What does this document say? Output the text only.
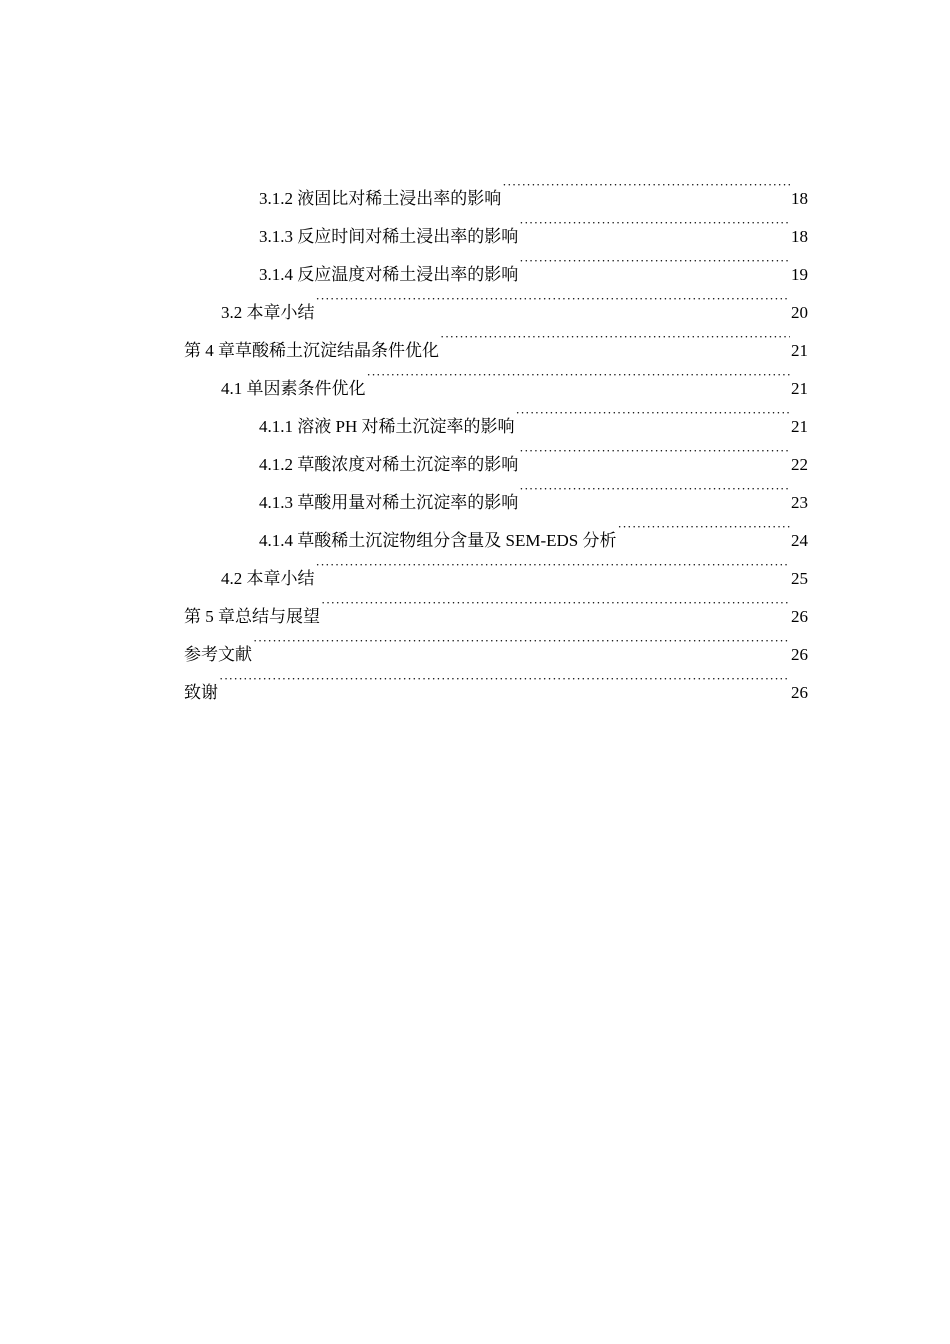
3.1.2 液固比对稀土浸出率的影响 ·····	18
3.1.3 反应时间对稀土浸出率的影响 ·····	18
3.1.4 反应温度对稀土浸出率的影响 ·····	19
3.2 本章小结 ·····	20
第 4 章草酸稀土沉淀结晶条件优化 ·····	21
4.1 单因素条件优化 ·····	21
4.1.1 溶液 PH 对稀土沉淀率的影响 ·····	21
4.1.2 草酸浓度对稀土沉淀率的影响 ·····	22
4.1.3 草酸用量对稀土沉淀率的影响 ·····	23
4.1.4 草酸稀土沉淀物组分含量及 SEM-EDS 分析 ·····	24
4.2 本章小结 ·····	25
第 5 章总结与展望 ·····	26
参考文献 ·····	26
致谢 ·····	26
